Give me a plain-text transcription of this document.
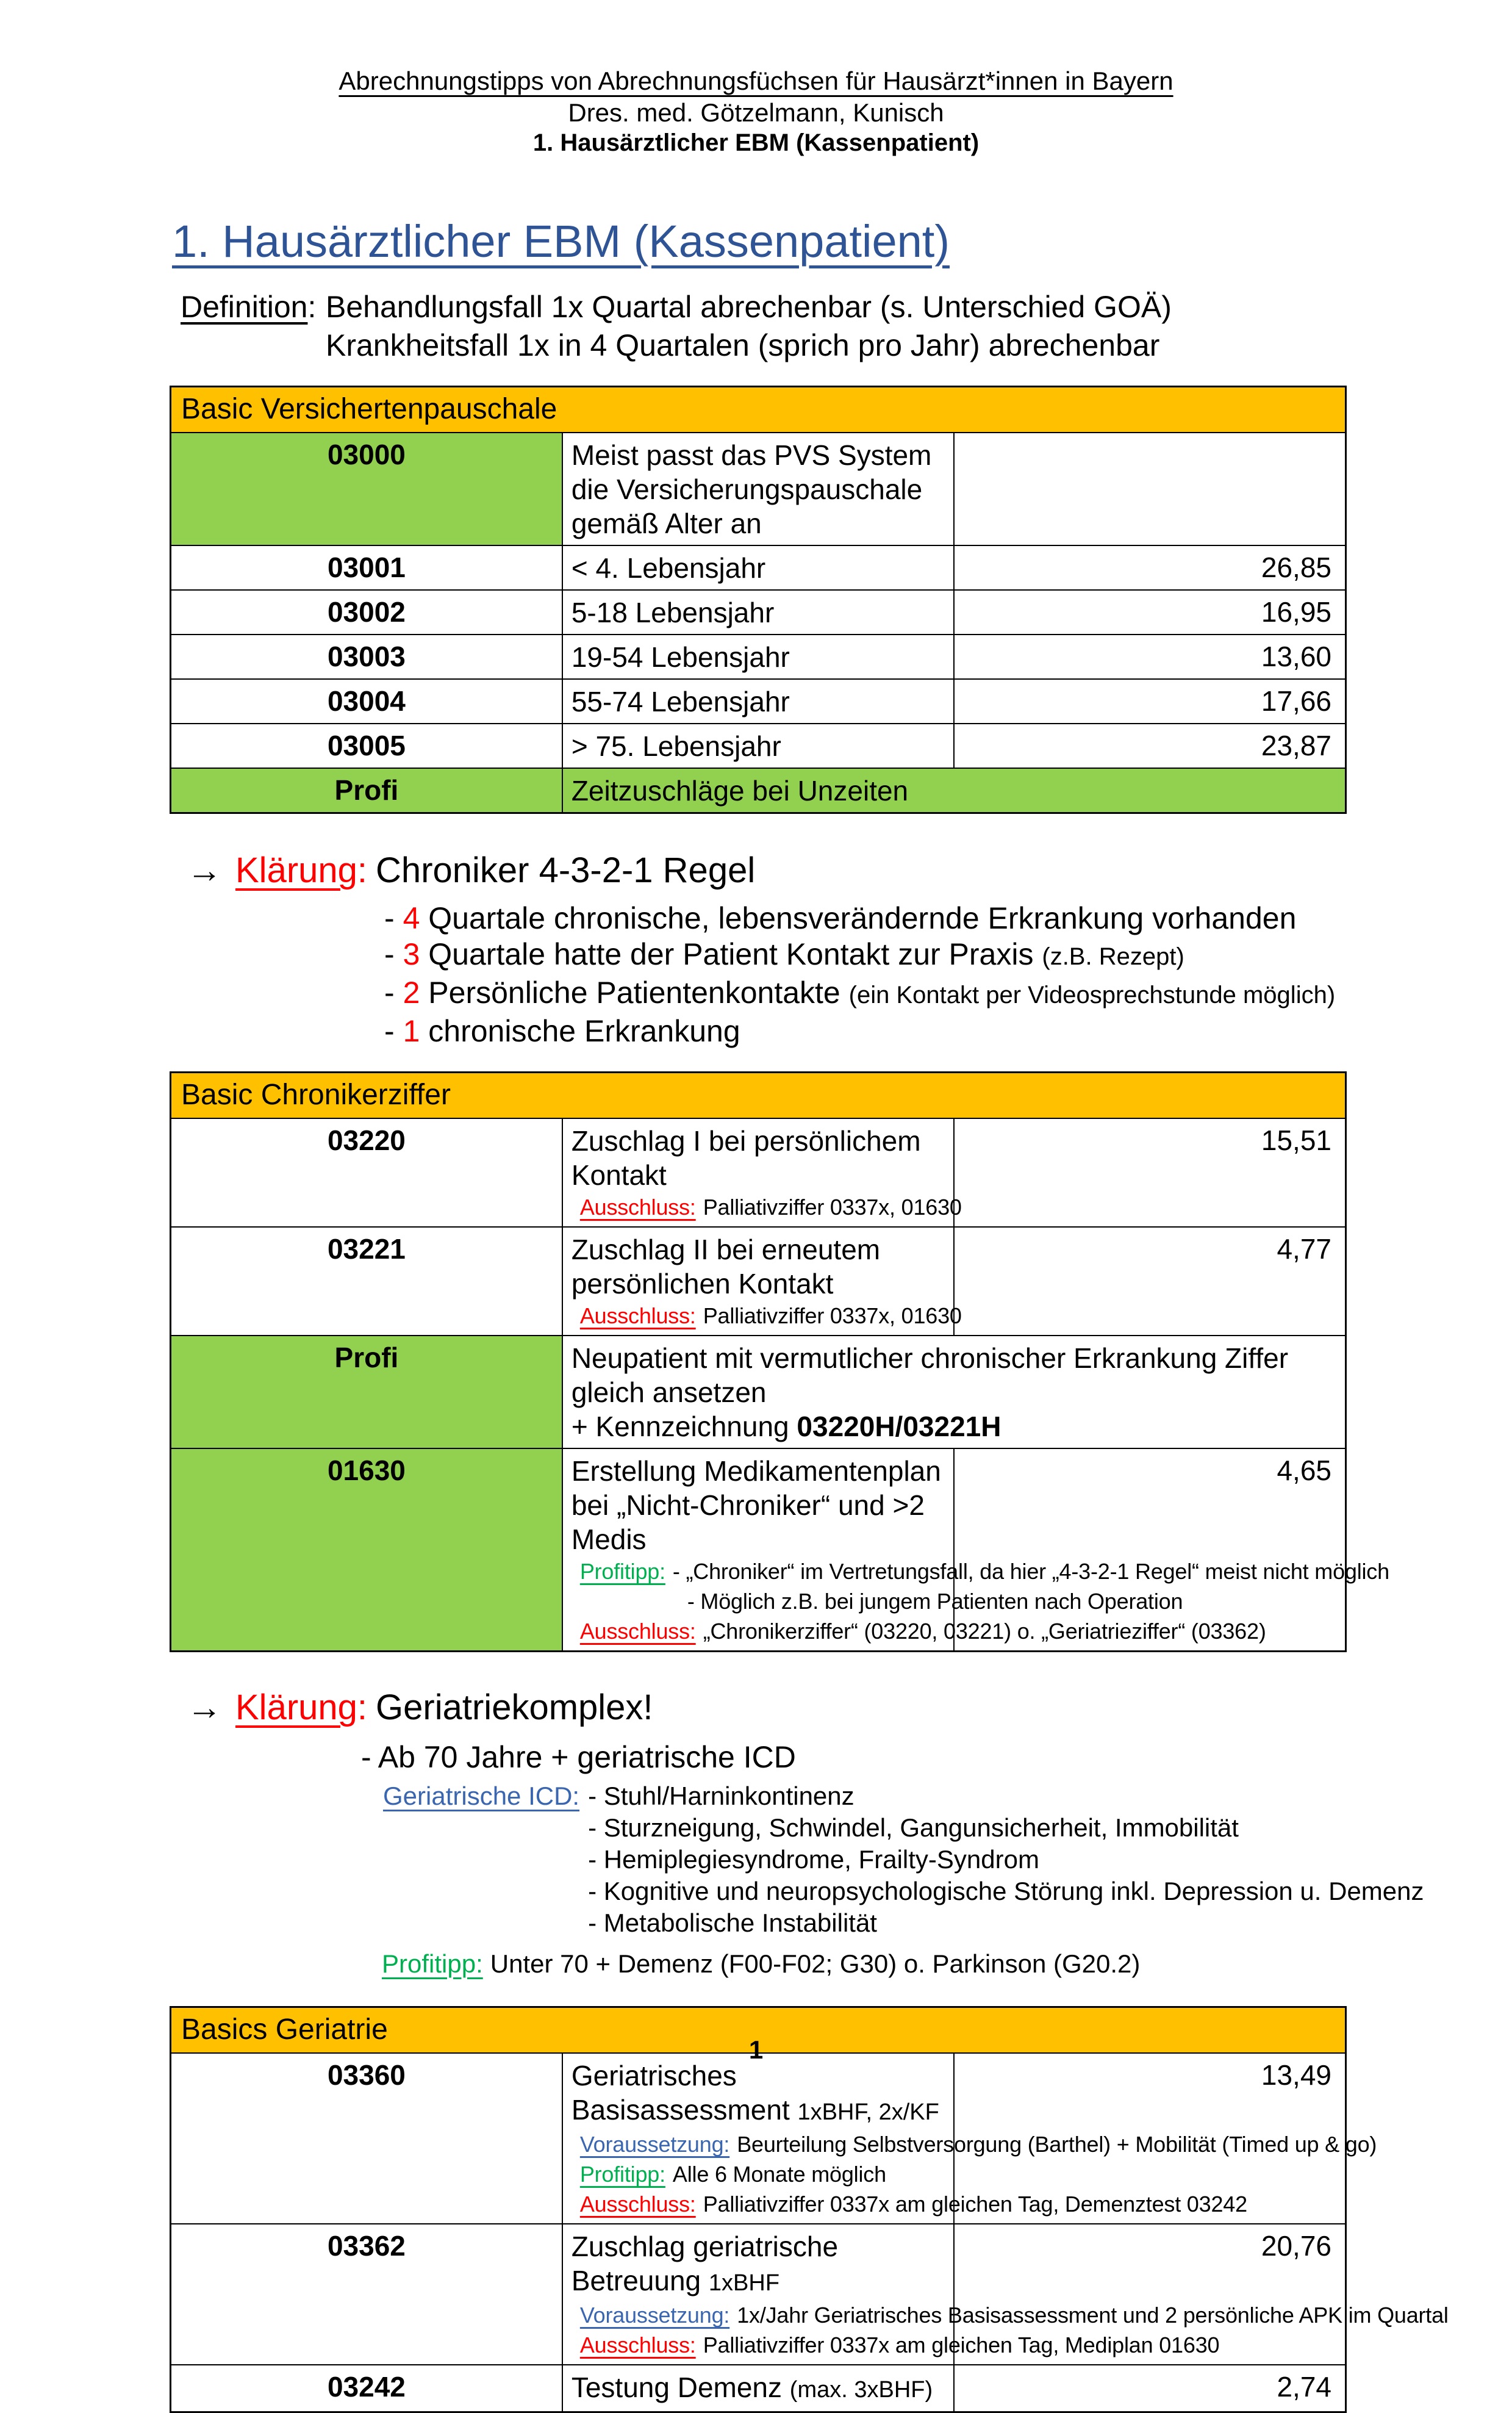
Abrechnungstipps von Abrechnungsfüchsen für Hausärzt*innen in Bayern
Dres. med. Götzelmann, Kunisch
1. Hausärztlicher EBM (Kassenpatient)
1. Hausärztlicher EBM (Kassenpatient)
Definition: Behandlungsfall 1x Quartal abrechenbar (s. Unterschied GOÄ)
Krankheitsfall 1x in 4 Quartalen (sprich pro Jahr) abrechenbar
Basic Versichertenpauschale		
03000	Meist passt das PVS System die Versicherungspauschale gemäß Alter an	
03001	< 4. Lebensjahr	26,85
03002	5-18 Lebensjahr	16,95
03003	19-54 Lebensjahr	13,60
03004	55-74 Lebensjahr	17,66
03005	> 75. Lebensjahr	23,87
Profi	Zeitzuschläge bei Unzeiten	
→ Klärung: Chroniker 4-3-2-1 Regel
- 4 Quartale chronische, lebensverändernde Erkrankung vorhanden
- 3 Quartale hatte der Patient Kontakt zur Praxis (z.B. Rezept)
- 2 Persönliche Patientenkontakte (ein Kontakt per Videosprechstunde möglich)
- 1 chronische Erkrankung
Basic Chronikerziffer		
03220	Zuschlag I bei persönlichem Kontakt
Ausschluss: Palliativziffer 0337x, 01630	15,51
03221	Zuschlag II bei erneutem persönlichen Kontakt
Ausschluss: Palliativziffer 0337x, 01630	4,77
Profi	Neupatient mit vermutlicher chronischer Erkrankung Ziffer gleich ansetzen
+ Kennzeichnung 03220H/03221H	

01630	Erstellung Medikamentenplan bei „Nicht-Chroniker“ und >2 Medis
Profitipp: - „Chroniker“ im Vertretungsfall, da hier „4-3-2-1 Regel“ meist nicht möglich
- Möglich z.B. bei jungem Patienten nach Operation
Ausschluss: „Chronikerziffer“ (03220, 03221) o. „Geriatrieziffer“ (03362)	4,65
→ Klärung: Geriatriekomplex!
- Ab 70 Jahre + geriatrische ICD
Geriatrische ICD: - Stuhl/Harninkontinenz
- Sturzneigung, Schwindel, Gangunsicherheit, Immobilität
- Hemiplegiesyndrome, Frailty-Syndrom
- Kognitive und neuropsychologische Störung inkl. Depression u. Demenz
- Metabolische Instabilität
Profitipp: Unter 70 + Demenz (F00-F02; G30) o. Parkinson (G20.2)
Basics Geriatrie		
03360	Geriatrisches Basisassessment 1xBHF, 2x/KF
Voraussetzung: Beurteilung Selbstversorgung (Barthel) + Mobilität (Timed up & go)
Profitipp: Alle 6 Monate möglich
Ausschluss: Palliativziffer 0337x am gleichen Tag, Demenztest 03242	13,49
03362	Zuschlag geriatrische Betreuung 1xBHF
Voraussetzung: 1x/Jahr Geriatrisches Basisassessment und 2 persönliche APK im Quartal
Ausschluss: Palliativziffer 0337x am gleichen Tag, Mediplan 01630	20,76
03242	Testung Demenz (max. 3xBHF)	2,74
1
